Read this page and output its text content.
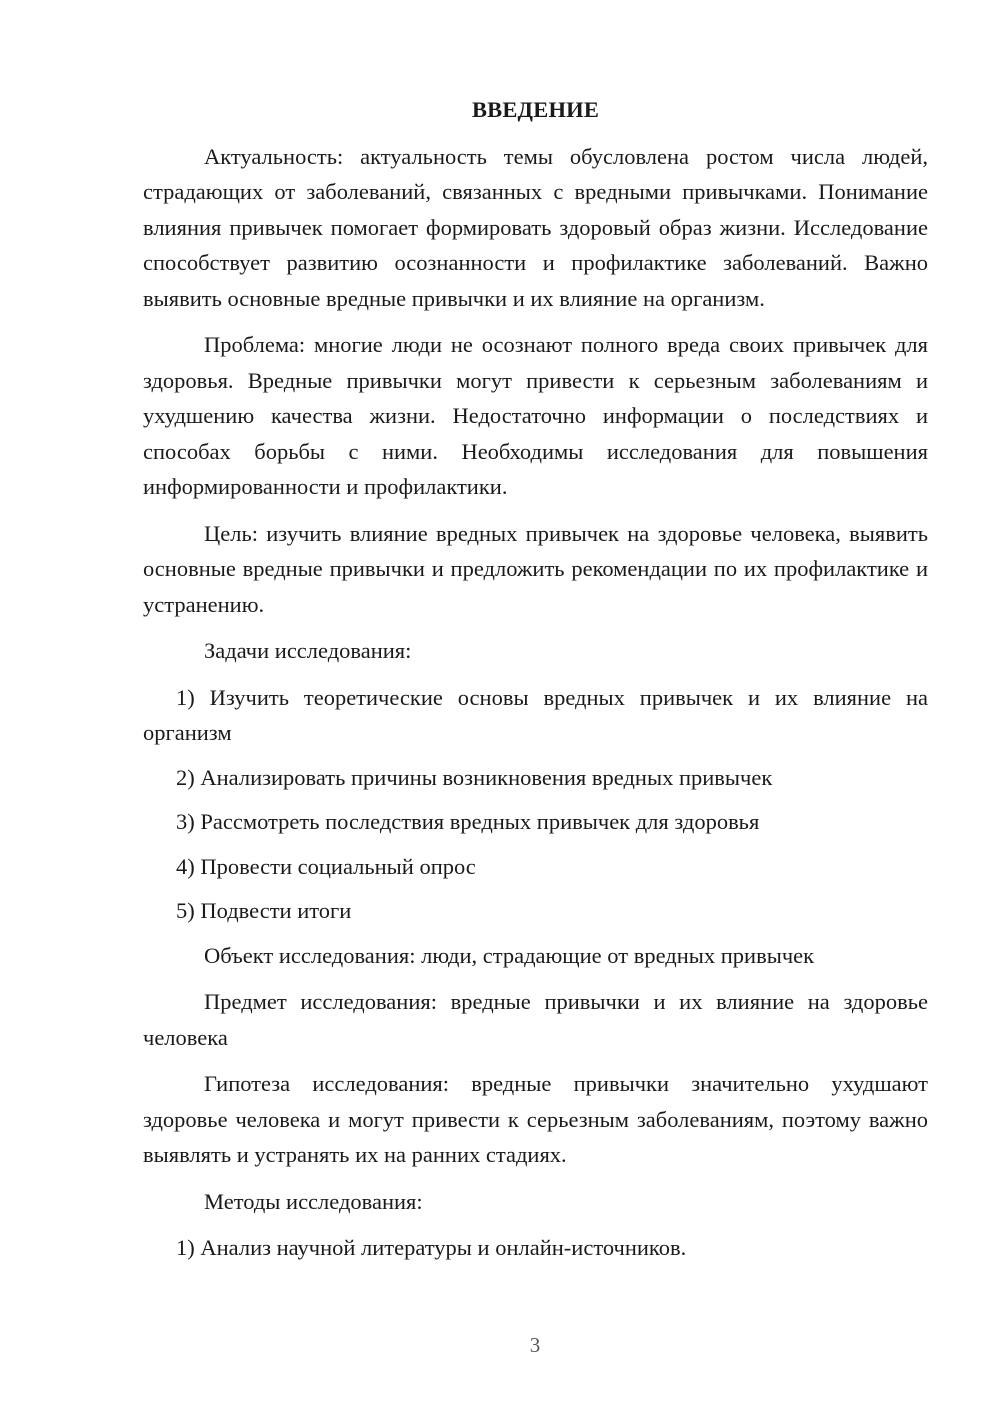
ВВЕДЕНИЕ

Актуальность: актуальность темы обусловлена ростом числа людей, страдающих от заболеваний, связанных с вредными привычками. Понимание влияния привычек помогает формировать здоровый образ жизни. Исследование способствует развитию осознанности и профилактике заболеваний. Важно выявить основные вредные привычки и их влияние на организм.

Проблема: многие люди не осознают полного вреда своих привычек для здоровья. Вредные привычки могут привести к серьезным заболеваниям и ухудшению качества жизни. Недостаточно информации о последствиях и способах борьбы с ними. Необходимы исследования для повышения информированности и профилактики.

Цель: изучить влияние вредных привычек на здоровье человека, выявить основные вредные привычки и предложить рекомендации по их профилактике и устранению.

Задачи исследования:

1) Изучить теоретические основы вредных привычек и их влияние на организм

2) Анализировать причины возникновения вредных привычек

3) Рассмотреть последствия вредных привычек для здоровья

4) Провести социальный опрос

5) Подвести итоги

Объект исследования: люди, страдающие от вредных привычек

Предмет исследования: вредные привычки и их влияние на здоровье человека

Гипотеза исследования: вредные привычки значительно ухудшают здоровье человека и могут привести к серьезным заболеваниям, поэтому важно выявлять и устранять их на ранних стадиях.

Методы исследования:

1) Анализ научной литературы и онлайн-источников.

3
